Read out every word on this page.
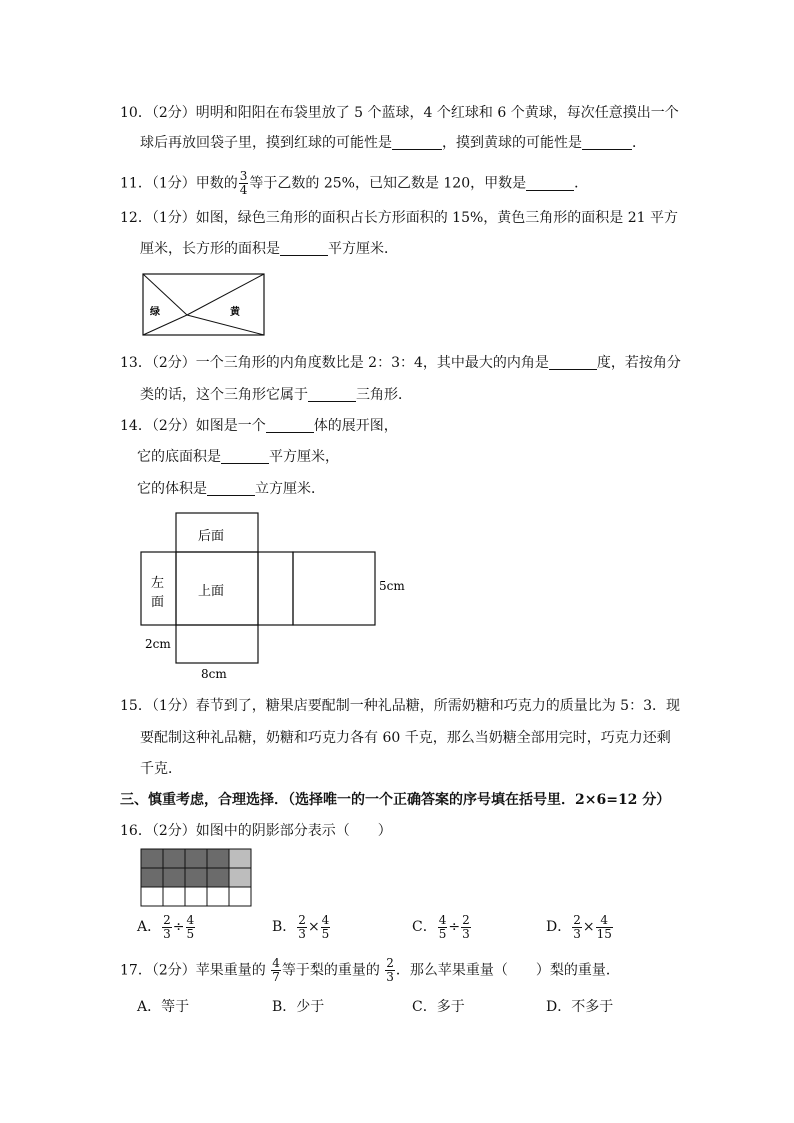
10．（2分）明明和阳阳在布袋里放了 5 个蓝球，4 个红球和 6 个黄球，每次任意摸出一个
球后再放回袋子里，摸到红球的可能性是	，摸到黄球的可能性是	．
11．（1分）甲数的 $\frac{3}{4}$ 等于乙数的 25%，已知乙数是 120，甲数是	．
12．（1分）如图，绿色三角形的面积占长方形面积的 15%，黄色三角形的面积是 21 平方
厘米，长方形的面积是	平方厘米．
绿	黄
13．（2分）一个三角形的内角度数比是 2：3：4，其中最大的内角是	度，若按角分
类的话，这个三角形它属于	三角形．
14．（2分）如图是一个	体的展开图，
它的底面积是	平方厘米，
它的体积是	立方厘米．
后面
上面
左
面
5cm
2cm
8cm
15．（1分）春节到了，糖果店要配制一种礼品糖，所需奶糖和巧克力的质量比为 5：3．现
要配制这种礼品糖，奶糖和巧克力各有 60 千克，那么当奶糖全部用完时，巧克力还剩
千克．
三、慎重考虑，合理选择．（选择唯一的一个正确答案的序号填在括号里．2×6=12 分）
16．（2分）如图中的阴影部分表示（　　）
A． $\frac{2}{3} \div \frac{4}{5}$	B． $\frac{2}{3} \times \frac{4}{5}$	C． $\frac{4}{5} \div \frac{2}{3}$	D． $\frac{2}{3} \times \frac{4}{15}$
17．（2分）苹果重量的 $\frac{4}{7}$ 等于梨的重量的 $\frac{2}{3}$ ．那么苹果重量（　　）梨的重量．
A．等于	B．少于	C．多于	D．不多于
